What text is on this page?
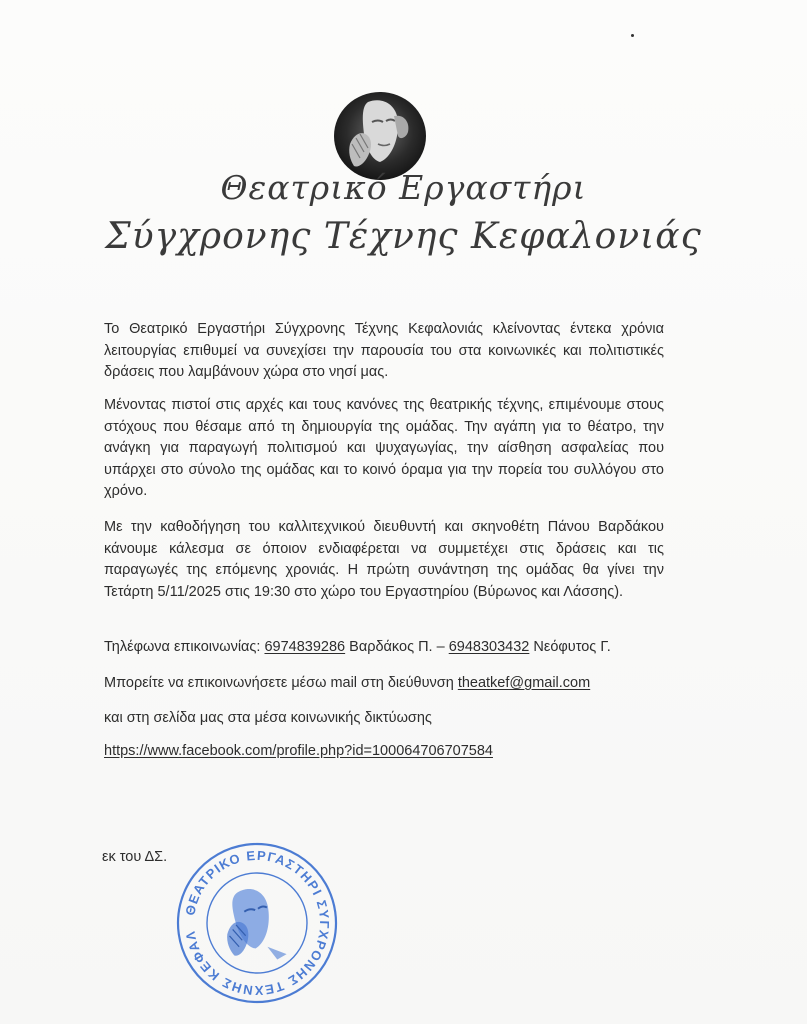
Θεατρικό Εργαστήρι
Σύγχρονης Τέχνης Κεφαλονιάς
Το Θεατρικό Εργαστήρι Σύγχρονης Τέχνης Κεφαλονιάς κλείνοντας έντεκα χρόνια λειτουργίας επιθυμεί να συνεχίσει την παρουσία του στα κοινωνικές και πολιτιστικές δράσεις που λαμβάνουν χώρα στο νησί μας.
Μένοντας πιστοί στις αρχές και τους κανόνες της θεατρικής τέχνης, επιμένουμε στους στόχους που θέσαμε από τη δημιουργία της ομάδας. Την αγάπη για το θέατρο, την ανάγκη για παραγωγή πολιτισμού και ψυχαγωγίας, την αίσθηση ασφαλείας που υπάρχει στο σύνολο της ομάδας και το κοινό όραμα για την πορεία του συλλόγου στο χρόνο.
Με την καθοδήγηση του καλλιτεχνικού διευθυντή και σκηνοθέτη Πάνου Βαρδάκου κάνουμε κάλεσμα σε όποιον ενδιαφέρεται να συμμετέχει στις δράσεις και τις παραγωγές της επόμενης χρονιάς. Η πρώτη συνάντηση της ομάδας θα γίνει την Τετάρτη 5/11/2025 στις 19:30 στο χώρο του Εργαστηρίου (Βύρωνος και Λάσσης).
Τηλέφωνα επικοινωνίας: 6974839286 Βαρδάκος Π. – 6948303432 Νεόφυτος Γ.
Μπορείτε να επικοινωνήσετε μέσω mail στη διεύθυνση theatkef@gmail.com
και στη σελίδα μας στα μέσα κοινωνικής δικτύωσης
https://www.facebook.com/profile.php?id=100064706707584
εκ του ΔΣ.
ΘΕΑΤΡΙΚΟ ΕΡΓΑΣΤΗΡΙ ΣΥΓΧΡΟΝΗΣ ΤΕΧΝΗΣ ΚΕΦΑΛΟΝΙΑΣ
